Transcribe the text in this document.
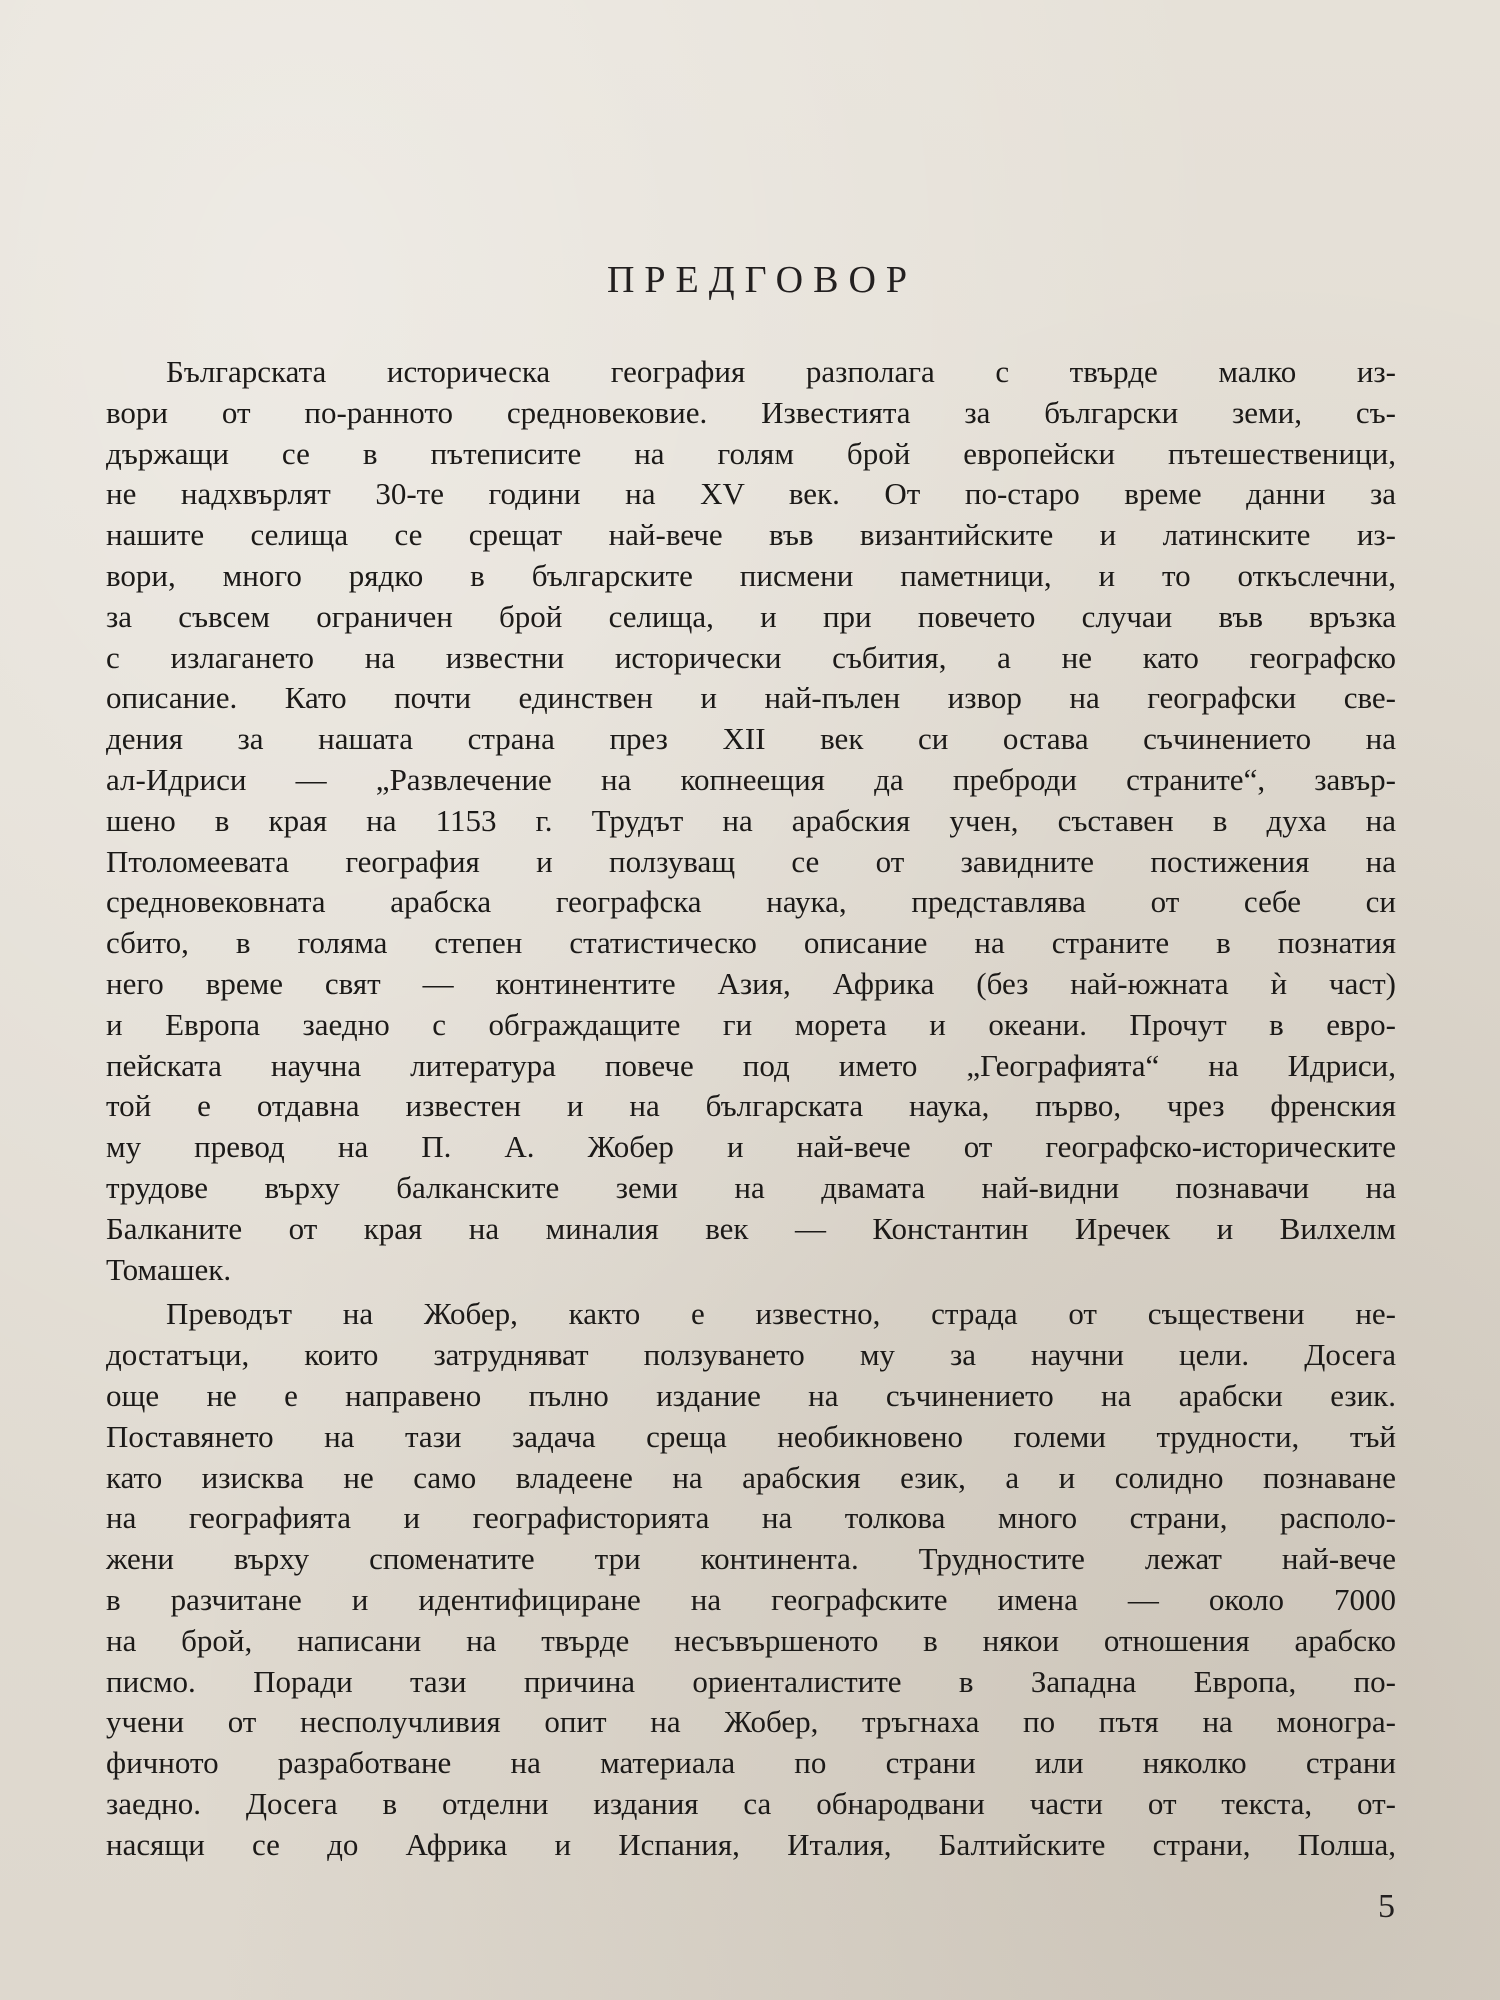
ПРЕДГОВОР
Българската историческа география разполага с твърде малко из-
вори от по-ранното средновековие. Известията за български земи, съ-
държащи се в пътеписите на голям брой европейски пътешественици,
не надхвърлят 30-те години на XV век. От по-старо време данни за
нашите селища се срещат най-вече във византийските и латинските из-
вори, много рядко в българските писмени паметници, и то откъслечни,
за съвсем ограничен брой селища, и при повечето случаи във връзка
с излагането на известни исторически събития, а не като географско
описание. Като почти единствен и най-пълен извор на географски све-
дения за нашата страна през XII век си остава съчинението на
ал-Идриси — „Развлечение на копнеещия да преброди страните“, завър-
шено в края на 1153 г. Трудът на арабския учен, съставен в духа на
Птоломеевата география и ползуващ се от завидните постижения на
средновековната арабска географска наука, представлява от себе си
сбито, в голяма степен статистическо описание на страните в познатия
него време свят — континентите Азия, Африка (без най-южната ѝ част)
и Европа заедно с обграждащите ги морета и океани. Прочут в евро-
пейската научна литература повече под името „Географията“ на Идриси,
той е отдавна известен и на българската наука, първо, чрез френския
му превод на П. А. Жобер и най-вече от географско-историческите
трудове върху балканските земи на двамата най-видни познавачи на
Балканите от края на миналия век — Константин Иречек и Вилхелм
Томашек.
Преводът на Жобер, както е известно, страда от съществени не-
достатъци, които затрудняват ползуването му за научни цели. Досега
още не е направено пълно издание на съчинението на арабски език.
Поставянето на тази задача среща необикновено големи трудности, тъй
като изисква не само владеене на арабския език, а и солидно познаване
на географията и географисторията на толкова много страни, располо-
жени върху споменатите три континента. Трудностите лежат най-вече
в разчитане и идентифициране на географските имена — около 7000
на брой, написани на твърде несъвършеното в някои отношения арабско
писмо. Поради тази причина ориенталистите в Западна Европа, по-
учени от несполучливия опит на Жобер, тръгнаха по пътя на моногра-
фичното разработване на материала по страни или няколко страни
заедно. Досега в отделни издания са обнародвани части от текста, от-
насящи се до Африка и Испания, Италия, Балтийските страни, Полша,
5
